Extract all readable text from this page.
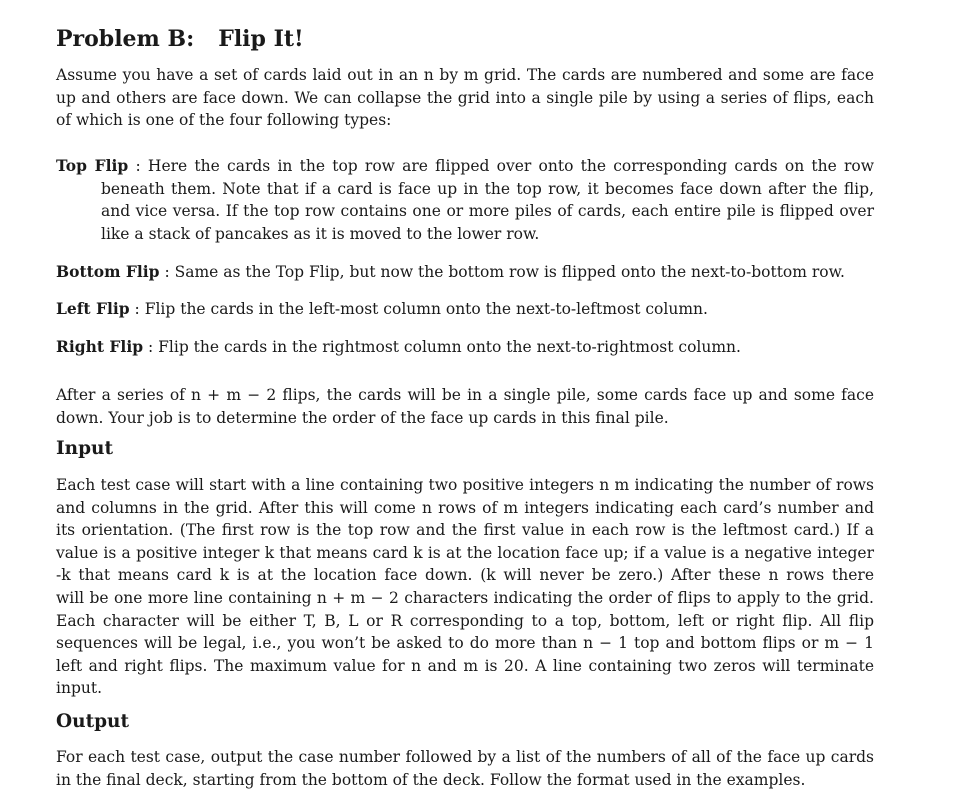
Problem B: Flip It!
Assume you have a set of cards laid out in an n by m grid. The cards are numbered and some are face
up and others are face down. We can collapse the grid into a single pile by using a series of flips, each
of which is one of the four following types:
Top Flip : Here the cards in the top row are flipped over onto the corresponding cards on the row
beneath them. Note that if a card is face up in the top row, it becomes face down after the flip,
and vice versa. If the top row contains one or more piles of cards, each entire pile is flipped over
like a stack of pancakes as it is moved to the lower row.
Bottom Flip : Same as the Top Flip, but now the bottom row is flipped onto the next-to-bottom row.
Left Flip : Flip the cards in the left-most column onto the next-to-leftmost column.
Right Flip : Flip the cards in the rightmost column onto the next-to-rightmost column.
After a series of n + m − 2 flips, the cards will be in a single pile, some cards face up and some face
down. Your job is to determine the order of the face up cards in this final pile.
Input
Each test case will start with a line containing two positive integers n m indicating the number of rows
and columns in the grid. After this will come n rows of m integers indicating each card’s number and
its orientation. (The first row is the top row and the first value in each row is the leftmost card.) If a
value is a positive integer k that means card k is at the location face up; if a value is a negative integer
-k that means card k is at the location face down. (k will never be zero.) After these n rows there
will be one more line containing n + m − 2 characters indicating the order of flips to apply to the grid.
Each character will be either T, B, L or R corresponding to a top, bottom, left or right flip. All flip
sequences will be legal, i.e., you won’t be asked to do more than n − 1 top and bottom flips or m − 1
left and right flips. The maximum value for n and m is 20. A line containing two zeros will terminate
input.
Output
For each test case, output the case number followed by a list of the numbers of all of the face up cards
in the final deck, starting from the bottom of the deck. Follow the format used in the examples.
